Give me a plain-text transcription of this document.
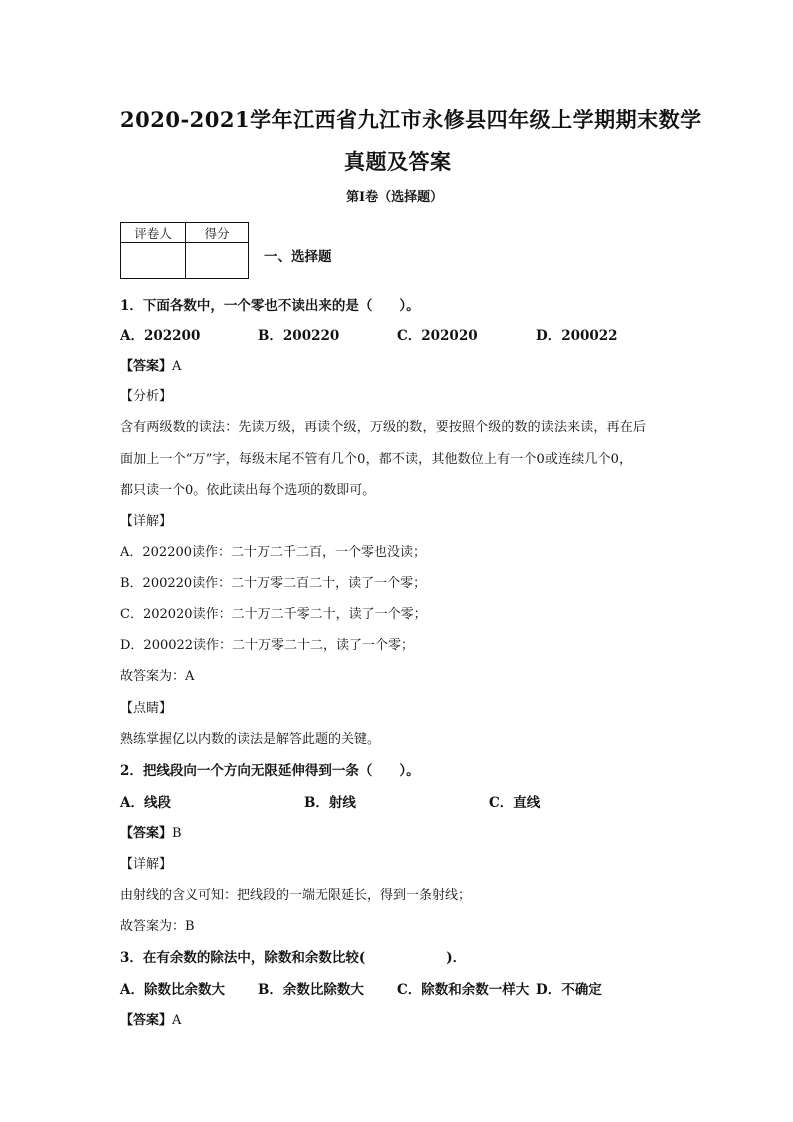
2020-2021学年江西省九江市永修县四年级上学期期末数学
真题及答案
第I卷（选择题）
评卷人	得分

一、选择题
1．下面各数中，一个零也不读出来的是（　　）。
A．202200	B．200220	C．202020	D．200022
【答案】A
【分析】
含有两级数的读法：先读万级，再读个级，万级的数，要按照个级的数的读法来读，再在后
面加上一个“万”字，每级末尾不管有几个0，都不读，其他数位上有一个0或连续几个0，
都只读一个0。依此读出每个选项的数即可。
【详解】
A．202200读作：二十万二千二百，一个零也没读；
B．200220读作：二十万零二百二十，读了一个零；
C．202020读作：二十万二千零二十，读了一个零；
D．200022读作：二十万零二十二，读了一个零；
故答案为：A
【点睛】
熟练掌握亿以内数的读法是解答此题的关键。
2．把线段向一个方向无限延伸得到一条（　　）。
A．线段	B．射线	C．直线
【答案】B
【详解】
由射线的含义可知：把线段的一端无限延长，得到一条射线；
故答案为：B
3．在有余数的除法中，除数和余数比较(　　　　　　)．
A．除数比余数大 B．余数比除数大 C．除数和余数一样大 D．不确定
【答案】A
